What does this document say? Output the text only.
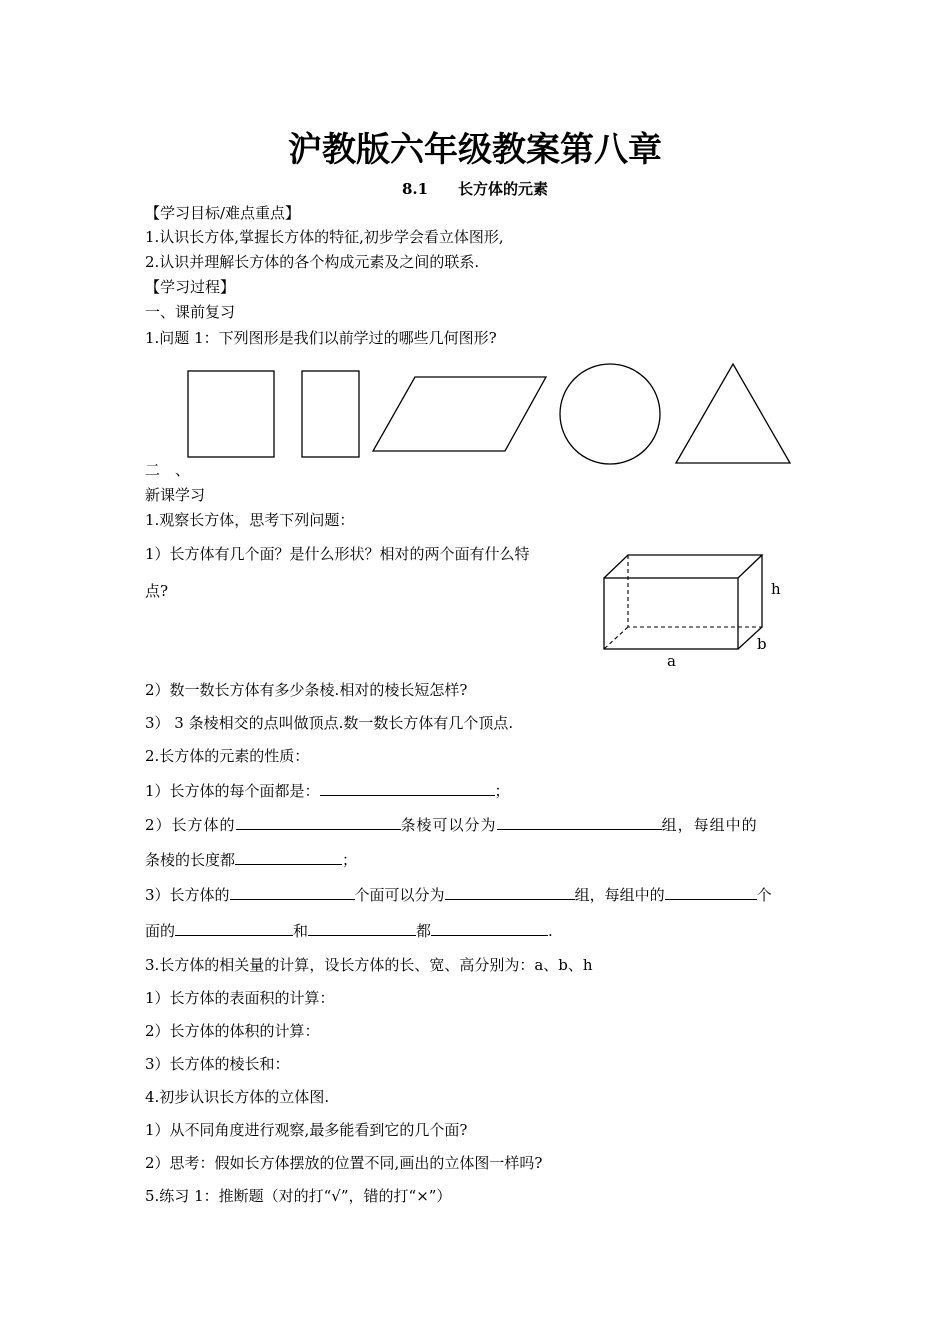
沪教版六年级教案第八章
8.1　　长方体的元素
【学习目标/难点重点】
1.认识长方体,掌握长方体的特征,初步学会看立体图形,
2.认识并理解长方体的各个构成元素及之间的联系.
【学习过程】
一、课前复习
1.问题 1：下列图形是我们以前学过的哪些几何图形?
二　、
新课学习
1.观察长方体，思考下列问题：
1）长方体有几个面？是什么形状？相对的两个面有什么特
点?	h
b
a
2）数一数长方体有多少条棱.相对的棱长短怎样?
3） 3 条棱相交的点叫做顶点.数一数长方体有几个顶点.
2.长方体的元素的性质：
1）长方体的每个面都是：	；
2）长方体的	条棱可以分为	组，每组中的
条棱的长度都	；
3）长方体的	个面可以分为	组，每组中的	个
面的	和	都	.
3.长方体的相关量的计算，设长方体的长、宽、高分别为：a、b、h
1）长方体的表面积的计算：
2）长方体的体积的计算：
3）长方体的棱长和：
4.初步认识长方体的立体图.
1）从不同角度进行观察,最多能看到它的几个面?
2）思考：假如长方体摆放的位置不同,画出的立体图一样吗?
5.练习 1：推断题（对的打“√”，错的打“×”）
